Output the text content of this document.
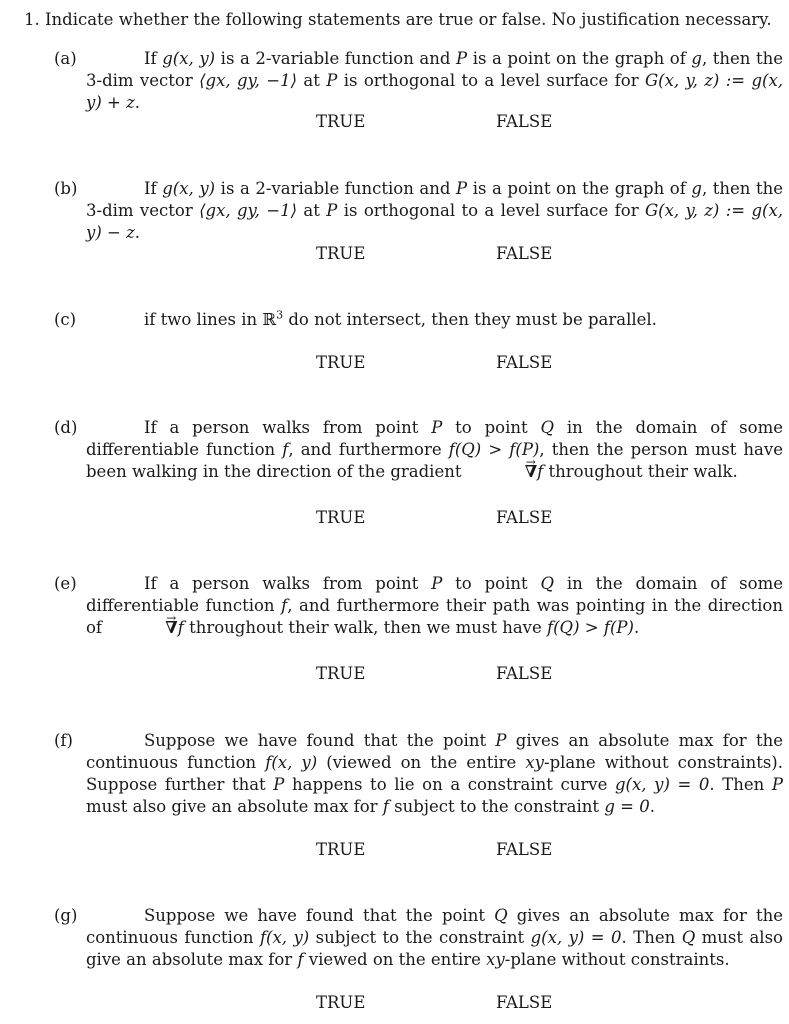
1. Indicate whether the following statements are true or false. No justification necessary.
(a)	If g(x, y) is a 2-variable function and P is a point on the graph of g, then the 3-dim vector ⟨gx, gy, −1⟩ at P is orthogonal to a level surface for G(x, y, z) := g(x, y) + z.
TRUE	FALSE
(b)	If g(x, y) is a 2-variable function and P is a point on the graph of g, then the 3-dim vector ⟨gx, gy, −1⟩ at P is orthogonal to a level surface for G(x, y, z) := g(x, y) − z.
TRUE	FALSE
(c)	if two lines in ℝ$^3$ do not intersect, then they must be parallel.
TRUE	FALSE
(d)	If a person walks from point P to point Q in the domain of some differentiable function f, and furthermore f(Q) > f(P), then the person must have been walking in the direction of the gradient	→ ∇f throughout their walk.
TRUE	FALSE
(e)	If a person walks from point P to point Q in the domain of some differentiable function f, and furthermore their path was pointing in the direction of	→ ∇f throughout their walk, then we must have f(Q) > f(P).
TRUE	FALSE
(f)	Suppose we have found that the point P gives an absolute max for the continuous function f(x, y) (viewed on the entire xy-plane without constraints). Suppose further that P happens to lie on a constraint curve g(x, y) = 0. Then P must also give an absolute max for f subject to the constraint g = 0.
TRUE	FALSE
(g)	Suppose we have found that the point Q gives an absolute max for the continuous function f(x, y) subject to the constraint g(x, y) = 0. Then Q must also give an absolute max for f viewed on the entire xy-plane without constraints.
TRUE	FALSE
